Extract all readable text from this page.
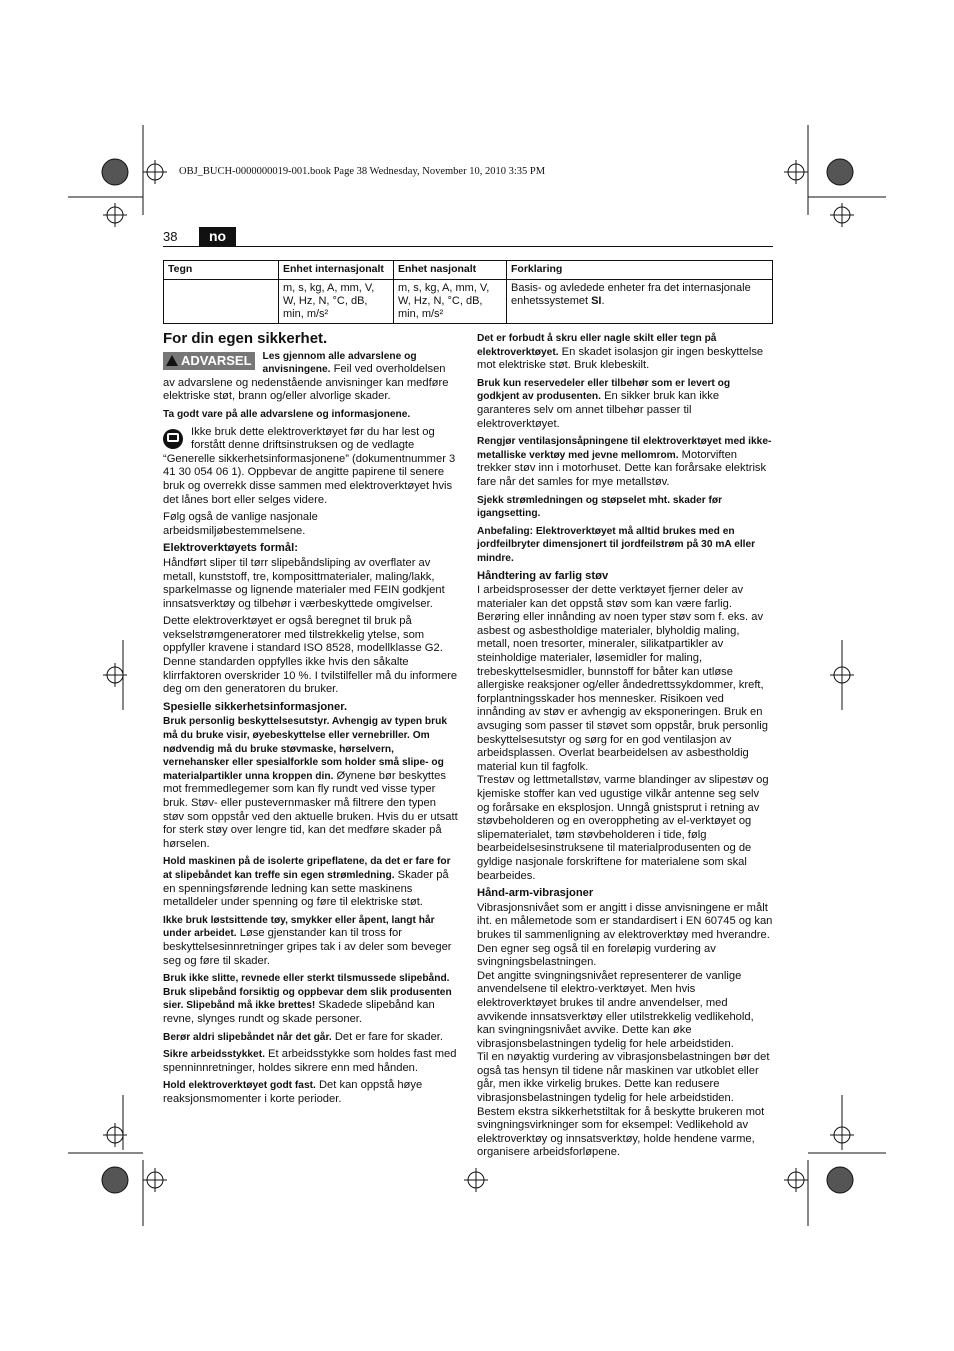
OBJ_BUCH-0000000019-001.book Page 38 Wednesday, November 10, 2010 3:35 PM
38	no
Tegn	Enhet internasjonalt	Enhet nasjonalt	Forklaring
	m, s, kg, A, mm, V, W, Hz, N, °C, dB, min, m/s²	m, s, kg, A, mm, V, W, Hz, N, °C, dB, min, m/s²	Basis- og avledede enheter fra det internasjonale enhetssystemet SI.
For din egen sikkerhet.

ADVARSEL Les gjennom alle advarslene og anvisningene. Feil ved overholdelsen av advarslene og nedenstående anvisninger kan medføre elektriske støt, brann og/eller alvorlige skader.

Ta godt vare på alle advarslene og informasjonene.

Ikke bruk dette elektroverktøyet før du har lest og forstått denne driftsinstruksen og de vedlagte “Generelle sikkerhetsinformasjonene” (dokumentnummer 3 41 30 054 06 1). Oppbevar de angitte papirene til senere bruk og overrekk disse sammen med elektroverktøyet hvis det lånes bort eller selges videre.

Følg også de vanlige nasjonale arbeidsmiljøbestemmelsene.

Elektroverktøyets formål:

Håndført sliper til tørr slipebåndsliping av overflater av metall, kunststoff, tre, komposittmaterialer, maling/lakk, sparkelmasse og lignende materialer med FEIN godkjent innsatsverktøy og tilbehør i værbeskyttede omgivelser.

Dette elektroverktøyet er også beregnet til bruk på vekselstrømgeneratorer med tilstrekkelig ytelse, som oppfyller kravene i standard ISO 8528, modellklasse G2. Denne standarden oppfylles ikke hvis den såkalte klirrfaktoren overskrider 10 %. I tvilstilfeller må du informere deg om den generatoren du bruker.

Spesielle sikkerhetsinformasjoner.

Bruk personlig beskyttelsesutstyr. Avhengig av typen bruk må du bruke visir, øyebeskyttelse eller vernebriller. Om nødvendig må du bruke støvmaske, hørselvern, vernehansker eller spesialforkle som holder små slipe- og materialpartikler unna kroppen din. Øynene bør beskyttes mot fremmedlegemer som kan fly rundt ved visse typer bruk. Støv- eller pustevernmasker må filtrere den typen støv som oppstår ved den aktuelle bruken. Hvis du er utsatt for sterk støy over lengre tid, kan det medføre skader på hørselen.

Hold maskinen på de isolerte gripeflatene, da det er fare for at slipebåndet kan treffe sin egen strømledning. Skader på en spenningsførende ledning kan sette maskinens metalldeler under spenning og føre til elektriske støt.

Ikke bruk løstsittende tøy, smykker eller åpent, langt hår under arbeidet. Løse gjenstander kan til tross for beskyttelsesinnretninger gripes tak i av deler som beveger seg og føre til skader.

Bruk ikke slitte, revnede eller sterkt tilsmussede slipebånd. Bruk slipebånd forsiktig og oppbevar dem slik produsenten sier. Slipebånd må ikke brettes! Skadede slipebånd kan revne, slynges rundt og skade personer.

Berør aldri slipebåndet når det går. Det er fare for skader.

Sikre arbeidsstykket. Et arbeidsstykke som holdes fast med spenninnretninger, holdes sikrere enn med hånden.

Hold elektroverktøyet godt fast. Det kan oppstå høye reaksjonsmomenter i korte perioder.

Det er forbudt å skru eller nagle skilt eller tegn på elektroverktøyet. En skadet isolasjon gir ingen beskyttelse mot elektriske støt. Bruk klebeskilt.

Bruk kun reservedeler eller tilbehør som er levert og godkjent av produsenten. En sikker bruk kan ikke garanteres selv om annet tilbehør passer til elektroverktøyet.

Rengjør ventilasjonsåpningene til elektroverktøyet med ikke-metalliske verktøy med jevne mellomrom. Motorviften trekker støv inn i motorhuset. Dette kan forårsake elektrisk fare når det samles for mye metallstøv.

Sjekk strømledningen og støpselet mht. skader før igangsetting.

Anbefaling: Elektroverktøyet må alltid brukes med en jordfeilbryter dimensjonert til jordfeilstrøm på 30 mA eller mindre.

Håndtering av farlig støv

I arbeidsprosesser der dette verktøyet fjerner deler av materialer kan det oppstå støv som kan være farlig. Berøring eller innånding av noen typer støv som f. eks. av asbest og asbestholdige materialer, blyholdig maling, metall, noen tresorter, mineraler, silikatpartikler av steinholdige materialer, løsemidler for maling, trebeskyttelsesmidler, bunnstoff for båter kan utløse allergiske reaksjoner og/eller åndedrettssykdommer, kreft, forplantningsskader hos mennesker. Risikoen ved innånding av støv er avhengig av eksponeringen. Bruk en avsuging som passer til støvet som oppstår, bruk personlig beskyttelsesutstyr og sørg for en god ventilasjon av arbeidsplassen. Overlat bearbeidelsen av asbestholdig material kun til fagfolk.

Trestøv og lettmetallstøv, varme blandinger av slipestøv og kjemiske stoffer kan ved ugustige vilkår antenne seg selv og forårsake en eksplosjon. Unngå gnistsprut i retning av støvbeholderen og en overoppheting av el-verktøyet og slipematerialet, tøm støvbeholderen i tide, følg bearbeidelsesinstruksene til materialprodusenten og de gyldige nasjonale forskriftene for materialene som skal bearbeides.

Hånd-arm-vibrasjoner

Vibrasjonsnivået som er angitt i disse anvisningene er målt iht. en målemetode som er standardisert i EN 60745 og kan brukes til sammenligning av elektroverktøy med hverandre. Den egner seg også til en foreløpig vurdering av svingningsbelastningen.

Det angitte svingningsnivået representerer de vanlige anvendelsene til elektro-verktøyet. Men hvis elektroverktøyet brukes til andre anvendelser, med avvikende innsatsverktøy eller utilstrekkelig vedlikehold, kan svingningsnivået avvike. Dette kan øke vibrasjonsbelastningen tydelig for hele arbeidstiden.

Til en nøyaktig vurdering av vibrasjonsbelastningen bør det også tas hensyn til tidene når maskinen var utkoblet eller går, men ikke virkelig brukes. Dette kan redusere vibrasjonsbelastningen tydelig for hele arbeidstiden.

Bestem ekstra sikkerhetstiltak for å beskytte brukeren mot svingningsvirkninger som for eksempel: Vedlikehold av elektroverktøy og innsatsverktøy, holde hendene varme, organisere arbeidsforløpene.
